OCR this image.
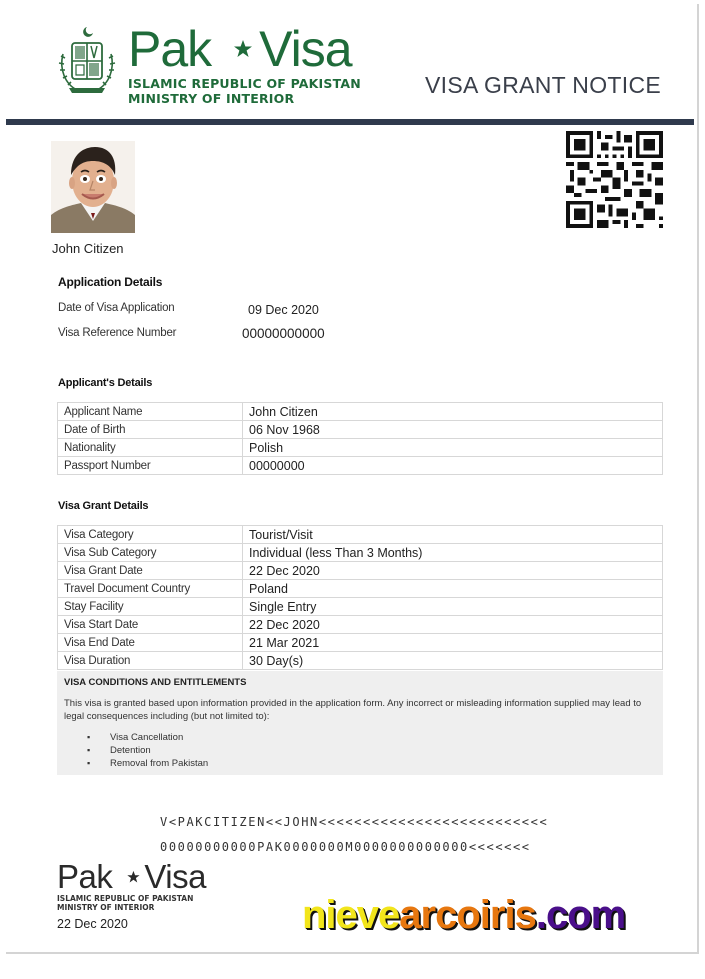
Pak Visa
ISLAMIC REPUBLIC OF PAKISTAN
MINISTRY OF INTERIOR
VISA GRANT NOTICE
John Citizen
Application Details
Date of Visa Application	09 Dec 2020
Visa Reference Number	00000000000
Applicant's Details
Applicant Name	John Citizen
Date of Birth	06 Nov 1968
Nationality	Polish
Passport Number	00000000
Visa Grant Details
Visa Category	Tourist/Visit
Visa Sub Category	Individual (less Than 3 Months)
Visa Grant Date	22 Dec 2020
Travel Document Country	Poland
Stay Facility	Single Entry
Visa Start Date	22 Dec 2020
Visa End Date	21 Mar 2021
Visa Duration	30 Day(s)
VISA CONDITIONS AND ENTITLEMENTS

This visa is granted based upon information provided in the application form. Any incorrect or misleading information supplied may lead to legal consequences including (but not limited to):

▪ Visa Cancellation
▪ Detention
▪ Removal from Pakistan
V<PAKCITIZEN<<JOHN<<<<<<<<<<<<<<<<<<<<<<<<<<
00000000000PAK0000000M0000000000000<<<<<<<
Pak Visa
ISLAMIC REPUBLIC OF PAKISTAN
MINISTRY OF INTERIOR
22 Dec 2020	nievearcoiris.com
